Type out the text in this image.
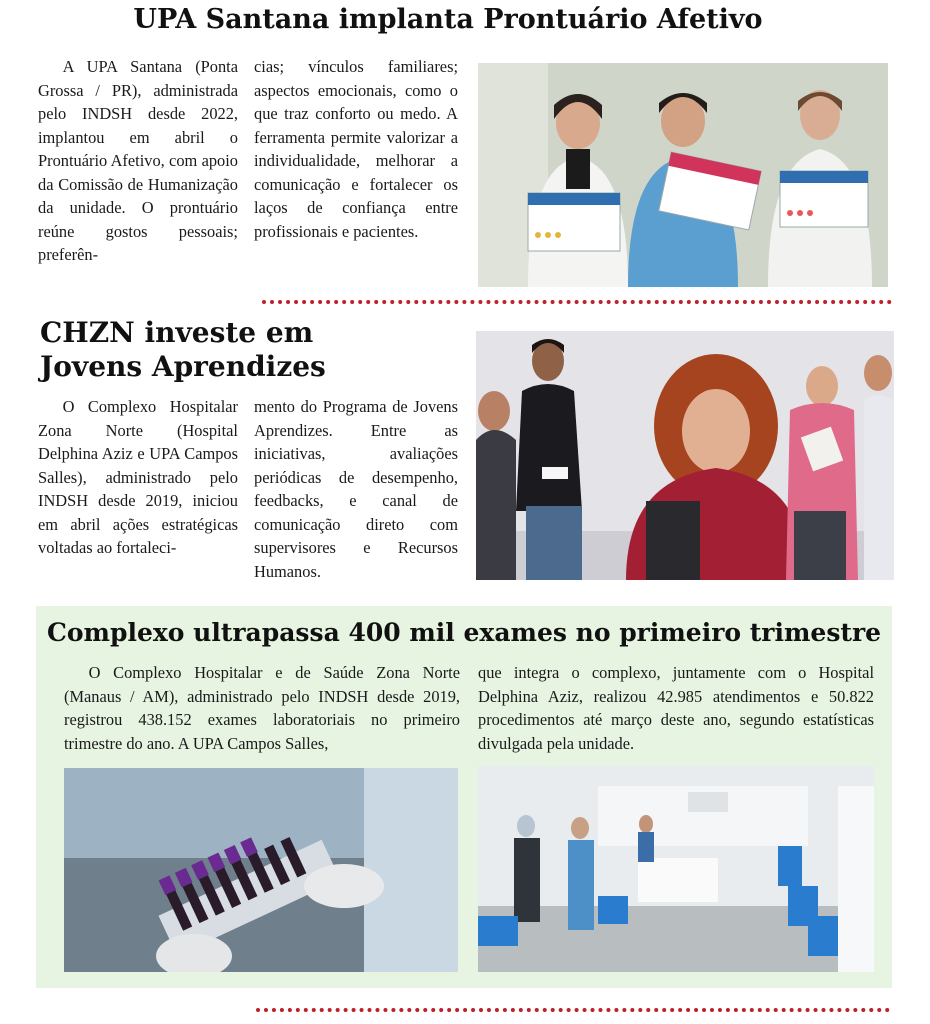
UPA Santana implanta Prontuário Afetivo

A UPA Santana (Ponta Grossa / PR), administrada pelo INDSH desde 2022, implantou em abril o Prontuário Afetivo, com apoio da Comissão de Humanização da unidade. O prontuário reúne gostos pessoais; preferên-

cias; vínculos familiares; aspectos emocionais, como o que traz conforto ou medo. A ferramenta permite valorizar a individualidade, melhorar a comunicação e fortalecer os laços de confiança entre profissionais e pacientes.

CHZN investe em
Jovens Aprendizes

O Complexo Hospitalar Zona Norte (Hospital Delphina Aziz e UPA Campos Salles), administrado pelo INDSH desde 2019, iniciou em abril ações estratégicas voltadas ao fortaleci-

mento do Programa de Jovens Aprendizes. Entre as iniciativas, avaliações periódicas de desempenho, feedbacks, e canal de comunicação direto com supervisores e Recursos Humanos.

Complexo ultrapassa 400 mil exames no primeiro trimestre

O Complexo Hospitalar e de Saúde Zona Norte (Manaus / AM), administrado pelo INDSH desde 2019, registrou 438.152 exames laboratoriais no primeiro trimestre do ano. A UPA Campos Salles,

que integra o complexo, juntamente com o Hospital Delphina Aziz, realizou 42.985 atendimentos e 50.822 procedimentos até março deste ano, segundo estatísticas divulgada pela unidade.
